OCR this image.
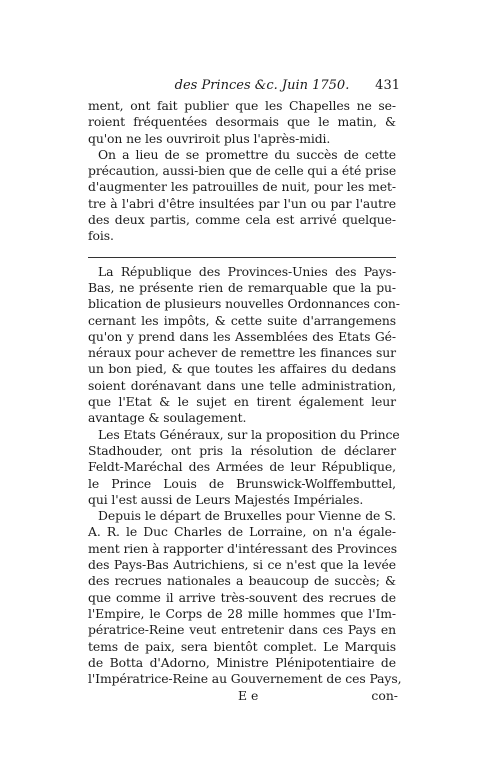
des Princes &c. Juin 1750. 431
ment, ont fait publier que les Chapelles ne se-
roient fréquentées desormais que le matin, &
qu'on ne les ouvriroit plus l'après-midi.
On a lieu de se promettre du succès de cette
précaution, aussi-bien que de celle qui a été prise
d'augmenter les patrouilles de nuit, pour les met-
tre à l'abri d'être insultées par l'un ou par l'autre
des deux partis, comme cela est arrivé quelque-
fois.
La République des Provinces-Unies des Pays-
Bas, ne présente rien de remarquable que la pu-
blication de plusieurs nouvelles Ordonnances con-
cernant les impôts, & cette suite d'arrangemens
qu'on y prend dans les Assemblées des Etats Gé-
néraux pour achever de remettre les finances sur
un bon pied, & que toutes les affaires du dedans
soient dorénavant dans une telle administration,
que l'Etat & le sujet en tirent également leur
avantage & soulagement.
Les Etats Généraux, sur la proposition du Prince
Stadhouder, ont pris la résolution de déclarer
Feldt-Maréchal des Armées de leur République,
le Prince Louis de Brunswick-Wolffembuttel,
qui l'est aussi de Leurs Majestés Impériales.
Depuis le départ de Bruxelles pour Vienne de S.
A. R. le Duc Charles de Lorraine, on n'a égale-
ment rien à rapporter d'intéressant des Provinces
des Pays-Bas Autrichiens, si ce n'est que la levée
des recrues nationales a beaucoup de succès; &
que comme il arrive très-souvent des recrues de
l'Empire, le Corps de 28 mille hommes que l'Im-
pératrice-Reine veut entretenir dans ces Pays en
tems de paix, sera bientôt complet. Le Marquis
de Botta d'Adorno, Ministre Plénipotentiaire de
l'Impératrice-Reine au Gouvernement de ces Pays,
E e	con-
